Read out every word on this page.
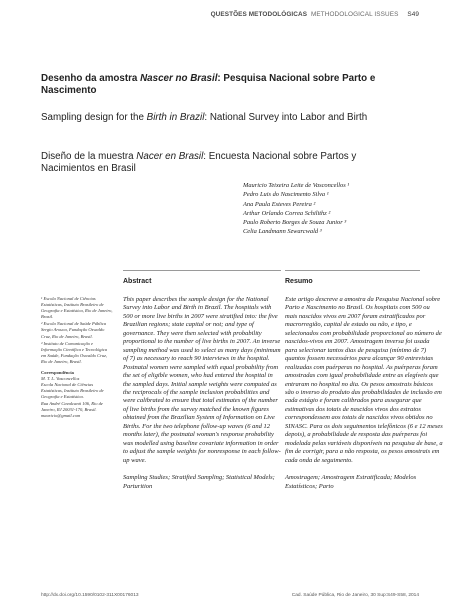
QUESTÕES METODOLÓGICAS METHODOLOGICAL ISSUES S49
Desenho da amostra Nascer no Brasil: Pesquisa Nacional sobre Parto e Nascimento
Sampling design for the Birth in Brazil: National Survey into Labor and Birth
Diseño de la muestra Nacer en Brasil: Encuesta Nacional sobre Partos y Nacimientos en Brasil
Mauricio Teixeira Leite de Vasconcellos ¹
Pedro Luis do Nascimento Silva ¹
Ana Paula Esteves Pereira ²
Arthur Orlando Correa Schilithz ²
Paulo Roberto Borges de Souza Junior ³
Celia Landmann Szwarcwald ³
Abstract	Resumo
¹ Escola Nacional de Ciências Estatísticas, Instituto Brasileiro de Geografia e Estatística, Rio de Janeiro, Brasil.
² Escola Nacional de Saúde Pública Sergio Arouca, Fundação Oswaldo Cruz, Rio de Janeiro, Brasil.
³ Instituto de Comunicação e Informação Científica e Tecnológica em Saúde, Fundação Oswaldo Cruz, Rio de Janeiro, Brasil.
Correspondência
M. T. L. Vasconcellos
Escola Nacional de Ciências Estatísticas, Instituto Brasileiro de Geografia e Estatística.
Rua André Cavalcanti 106, Rio de Janeiro, RJ 20031-170, Brasil.
mauricio@gmail.com
This paper describes the sample design for the National Survey into Labor and Birth in Brazil. The hospitals with 500 or more live births in 2007 were stratified into: the five Brazilian regions; state capital or not; and type of governance. They were then selected with probability proportional to the number of live births in 2007. An inverse sampling method was used to select as many days (minimum of 7) as necessary to reach 90 interviews in the hospital. Postnatal women were sampled with equal probability from the set of eligible women, who had entered the hospital in the sampled days. Initial sample weights were computed as the reciprocals of the sample inclusion probabilities and were calibrated to ensure that total estimates of the number of live births from the survey matched the known figures obtained from the Brazilian System of Information on Live Births. For the two telephone follow-up waves (6 and 12 months later), the postnatal woman's response probability was modelled using baseline covariate information in order to adjust the sample weights for nonresponse in each follow-up wave.
Sampling Studies; Stratified Sampling; Statistical Models; Parturition
Este artigo descreve a amostra da Pesquisa Nacional sobre Parto e Nascimento no Brasil. Os hospitais com 500 ou mais nascidos vivos em 2007 foram estratificados por macrorregião, capital de estado ou não, e tipo, e selecionados com probabilidade proporcional ao número de nascidos-vivos em 2007. Amostragem inversa foi usada para selecionar tantos dias de pesquisa (mínimo de 7) quantos fossem necessários para alcançar 90 entrevistas realizadas com puérperas no hospital. As puérperas foram amostradas com igual probabilidade entre as elegíveis que entraram no hospital no dia. Os pesos amostrais básicos são o inverso do produto das probabilidades de inclusão em cada estágio e foram calibrados para assegurar que estimativas dos totais de nascidos vivos dos estratos correspondessem aos totais de nascidos vivos obtidos no SINASC. Para os dois seguimentos telefônicos (6 e 12 meses depois), a probabilidade de resposta das puérperas foi modelada pelas variáveis disponíveis na pesquisa de base, a fim de corrigir, para a não resposta, os pesos amostrais em cada onda de seguimento.
Amostragem; Amostragem Estratificada; Modelos Estatísticos; Parto
http://dx.doi.org/10.1590/0102-311X00176013	Cad. Saúde Pública, Rio de Janeiro, 30 Sup:S49-S58, 2014
